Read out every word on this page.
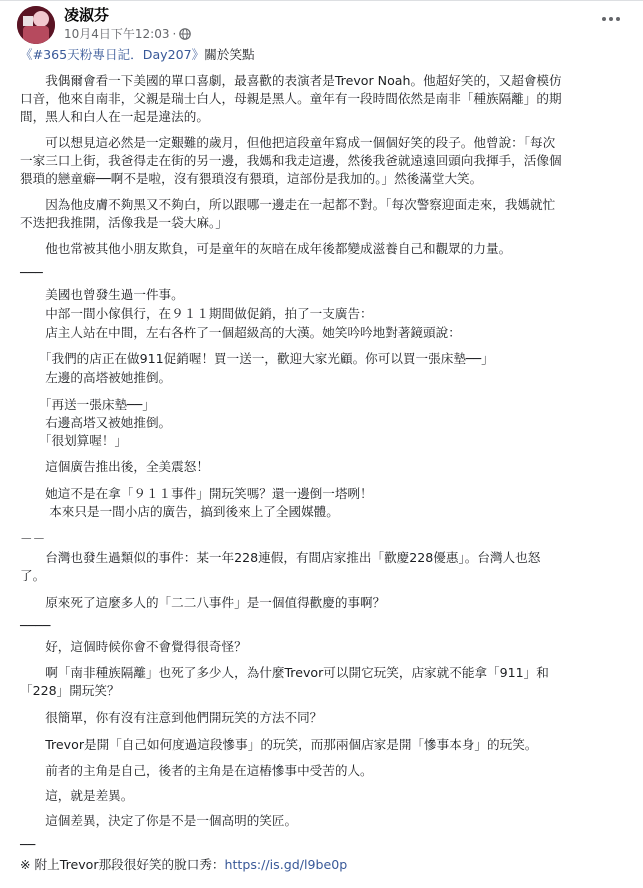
凌淑芬
10月4日下午12:03 ·
《#365天粉專日記．Day207》關於笑點
　　我偶爾會看一下美國的單口喜劇，最喜歡的表演者是Trevor Noah。他超好笑的，又超會模仿
口音，他來自南非，父親是瑞士白人，母親是黑人。童年有一段時間依然是南非「種族隔離」的期
間，黑人和白人在一起是違法的。
　　可以想見這必然是一定艱難的歲月，但他把這段童年寫成一個個好笑的段子。他曾說：「每次
一家三口上街，我爸得走在街的另一邊，我媽和我走這邊，然後我爸就遠遠回頭向我揮手，活像個
猥瑣的戀童癖──啊不是啦，沒有猥瑣沒有猥瑣，這部份是我加的。」然後滿堂大笑。
　　因為他皮膚不夠黑又不夠白，所以跟哪一邊走在一起都不對。「每次警察迎面走來，我媽就忙
不迭把我推開，活像我是一袋大麻。」
　　他也常被其他小朋友欺負，可是童年的灰暗在成年後都變成滋養自己和觀眾的力量。
───
　　美國也曾發生過一件事。
　　中部一間小傢俱行，在９１１期間做促銷，拍了一支廣告：
　　店主人站在中間，左右各杵了一個超級高的大漢。她笑吟吟地對著鏡頭說：
　　「我們的店正在做911促銷喔！買一送一，歡迎大家光顧。你可以買一張床墊──」
　　左邊的高塔被她推倒。
　　「再送一張床墊──」
　　右邊高塔又被她推倒。
　　「很划算喔！」
　　這個廣告推出後，全美震怒！
　　她這不是在拿「９１１事件」開玩笑嗎？還一邊倒一塔咧！
　　 本來只是一間小店的廣告，搞到後來上了全國媒體。
－－
　　台灣也發生過類似的事件：某一年228連假，有間店家推出「歡慶228優惠」。台灣人也怒
了。
　　原來死了這麼多人的「二二八事件」是一個值得歡慶的事啊？
────
　　好，這個時候你會不會覺得很奇怪？
　　啊「南非種族隔離」也死了多少人，為什麼Trevor可以開它玩笑，店家就不能拿「911」和
「228」開玩笑？
　　很簡單，你有沒有注意到他們開玩笑的方法不同？
　　Trevor是開「自己如何度過這段慘事」的玩笑，而那兩個店家是開「慘事本身」的玩笑。
　　前者的主角是自己，後者的主角是在這樁慘事中受苦的人。
　　這，就是差異。
　　這個差異，決定了你是不是一個高明的笑匠。
──
※ 附上Trevor那段很好笑的脫口秀：https://is.gd/l9be0p
